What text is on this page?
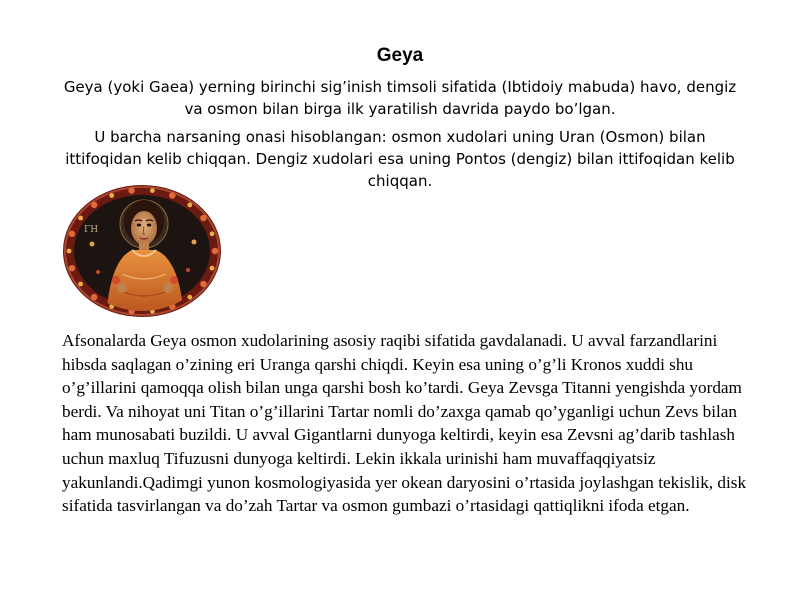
Geya
Geya (yoki Gaea) yerning birinchi sig’inish timsoli sifatida (Ibtidoiy mabuda) havo, dengiz va osmon bilan birga ilk yaratilish davrida paydo bo’lgan.
U barcha narsaning onasi hisoblangan: osmon xudolari uning Uran (Osmon) bilan ittifoqidan kelib chiqqan. Dengiz xudolari esa uning Pontos (dengiz) bilan ittifoqidan kelib chiqqan.
ΓH
Afsonalarda Geya osmon xudolarining asosiy raqibi sifatida gavdalanadi. U avval farzandlarini hibsda saqlagan o’zining eri Uranga qarshi chiqdi. Keyin esa uning o’g’li Kronos xuddi shu o’g’illarini qamoqqa olish bilan unga qarshi bosh ko’tardi. Geya Zevsga Titanni yengishda yordam berdi. Va nihoyat uni Titan o’g’illarini Tartar nomli do’zaxga qamab qo’yganligi uchun Zevs bilan ham munosabati buzildi. U avval Gigantlarni dunyoga keltirdi, keyin esa Zevsni ag’darib tashlash uchun maxluq Tifuzusni dunyoga keltirdi. Lekin ikkala urinishi ham muvaffaqqiyatsiz yakunlandi.Qadimgi yunon kosmologiyasida yer okean daryosini o’rtasida joylashgan tekislik, disk sifatida tasvirlangan va do’zah Tartar va osmon gumbazi o’rtasidagi qattiqlikni ifoda etgan.
